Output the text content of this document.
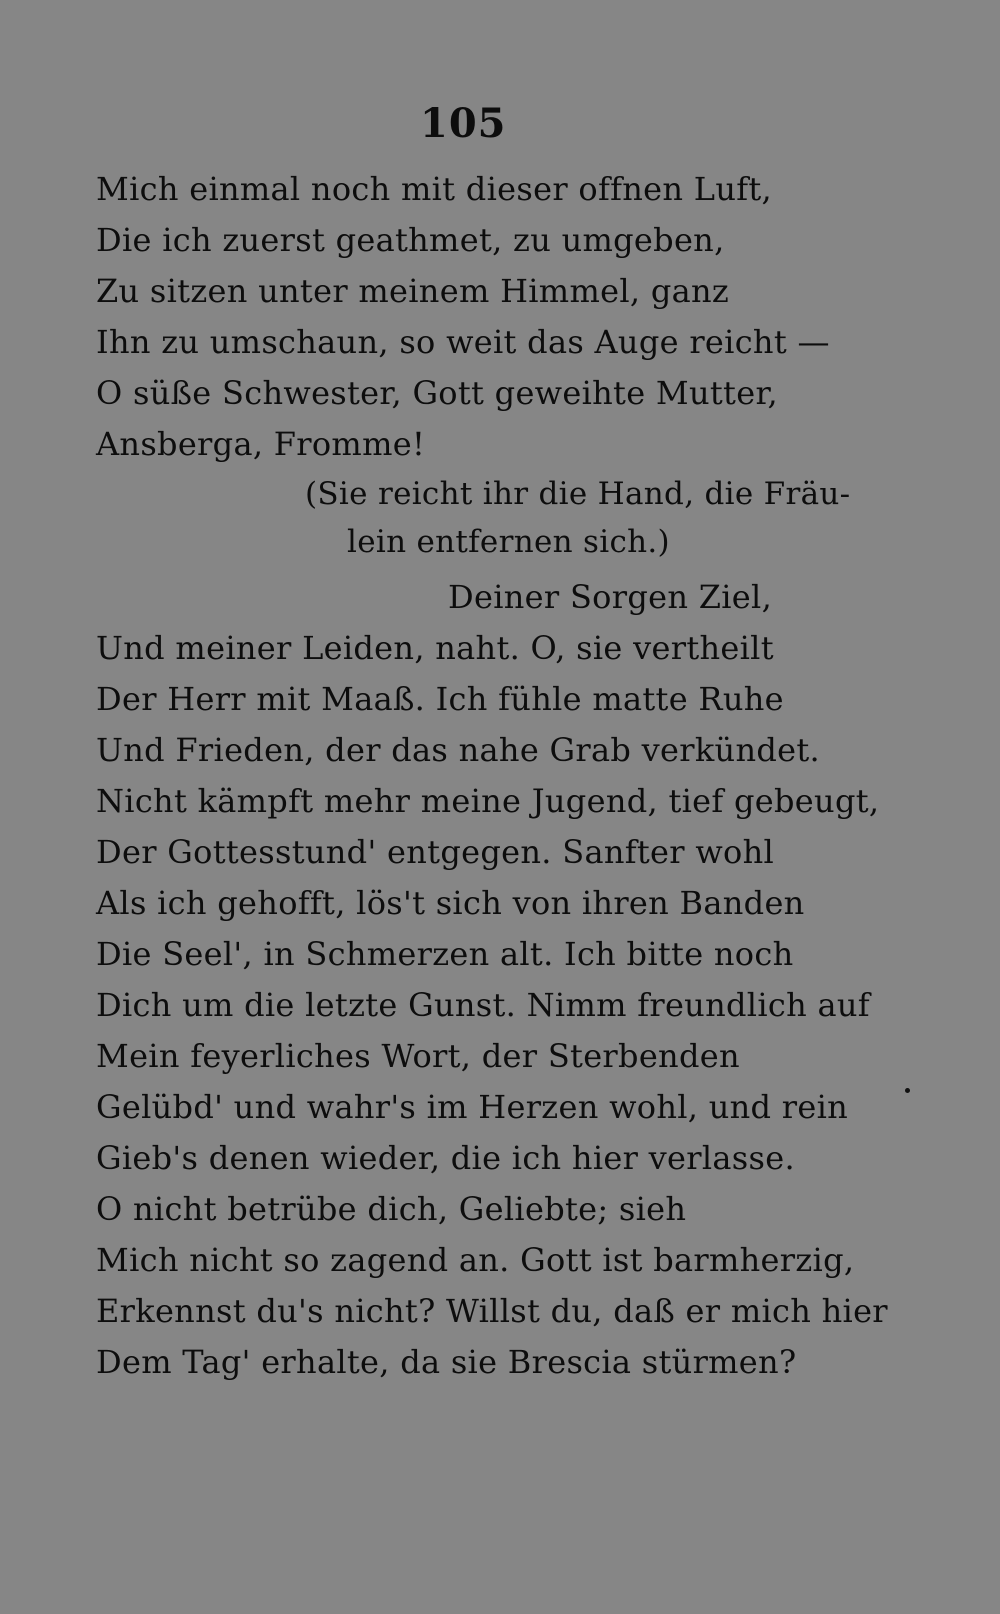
105
Mich einmal noch mit dieser offnen Luft,
Die ich zuerst geathmet, zu umgeben,
Zu sitzen unter meinem Himmel, ganz
Ihn zu umschaun, so weit das Auge reicht —
O süße Schwester, Gott geweihte Mutter,
Ansberga, Fromme!
(Sie reicht ihr die Hand, die Fräu-
lein entfernen sich.)
Deiner Sorgen Ziel,
Und meiner Leiden, naht. O, sie vertheilt
Der Herr mit Maaß. Ich fühle matte Ruhe
Und Frieden, der das nahe Grab verkündet.
Nicht kämpft mehr meine Jugend, tief gebeugt,
Der Gottesstund' entgegen. Sanfter wohl
Als ich gehofft, lös't sich von ihren Banden
Die Seel', in Schmerzen alt. Ich bitte noch
Dich um die letzte Gunst. Nimm freundlich auf
Mein feyerliches Wort, der Sterbenden
Gelübd' und wahr's im Herzen wohl, und rein
Gieb's denen wieder, die ich hier verlasse.
O nicht betrübe dich, Geliebte; sieh
Mich nicht so zagend an. Gott ist barmherzig,
Erkennst du's nicht? Willst du, daß er mich hier
Dem Tag' erhalte, da sie Brescia stürmen?
